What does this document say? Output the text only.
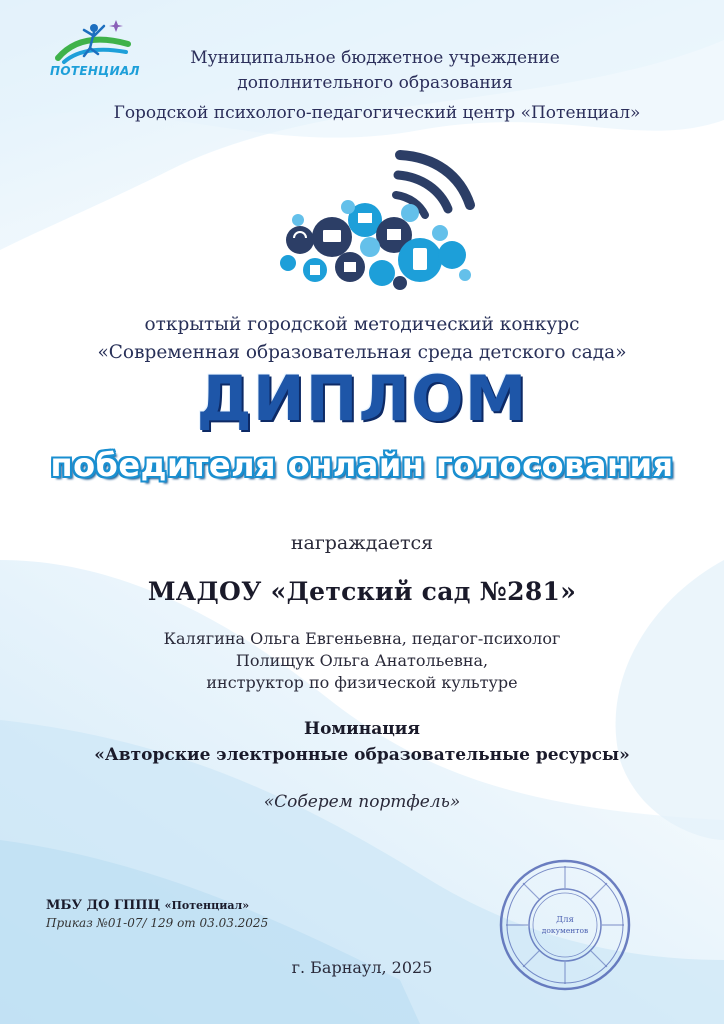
ПОТЕНЦИАЛ
Муниципальное бюджетное учреждение
дополнительного образования
Городской психолого-педагогический центр «Потенциал»
открытый городской методический конкурс
«Современная образовательная среда детского сада»
ДИПЛОМ
победителя онлайн голосования
награждается
МАДОУ «Детский сад №281»
Калягина Ольга Евгеньевна, педагог-психолог
Полищук Ольга Анатольевна,
инструктор по физической культуре
Номинация
«Авторские электронные образовательные ресурсы»
«Соберем портфель»
МБУ ДО ГППЦ «Потенциал»
Приказ №01-07/ 129 от 03.03.2025
г. Барнаул, 2025
Для
документов
